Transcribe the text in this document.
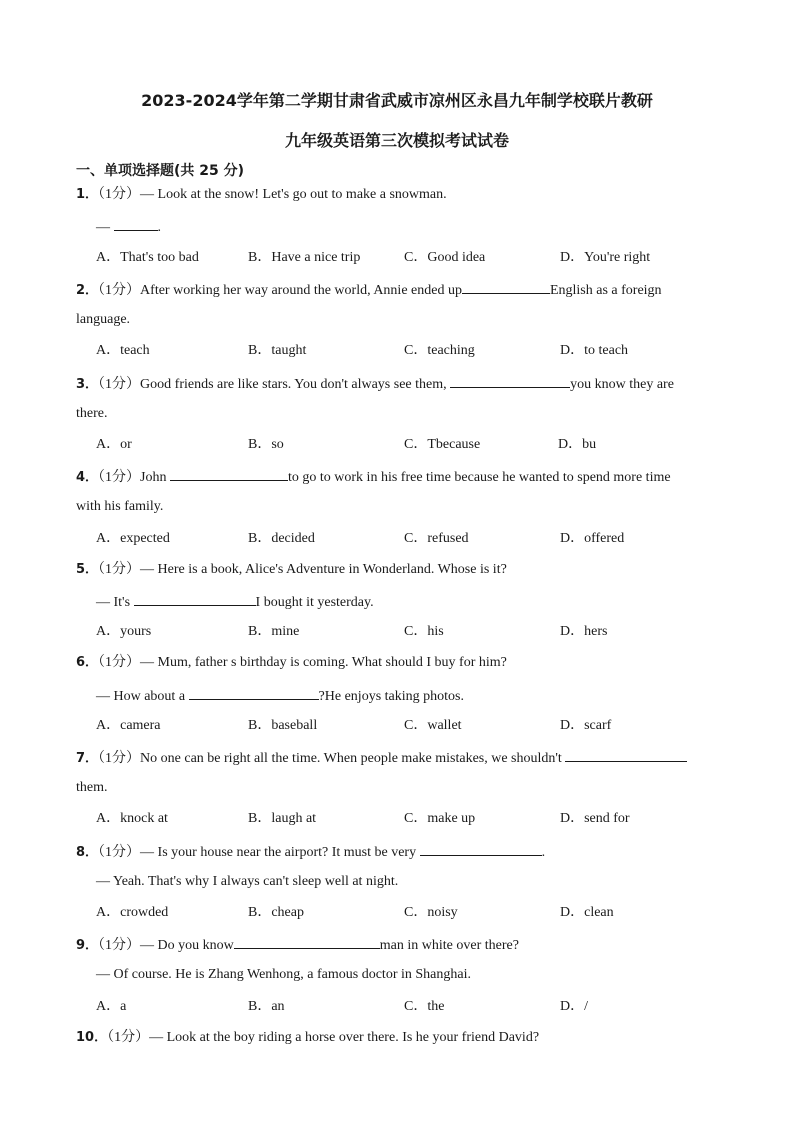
2023-2024学年第二学期甘肃省武威市凉州区永昌九年制学校联片教研
九年级英语第三次模拟考试试卷
一、单项选择题(共 25 分)
1．（1分）— Look at the snow! Let's go out to make a snowman.
—	.
A．That's too bad	B．Have a nice trip	C．Good idea	D．You're right
2．（1分）After working her way around the world, Annie ended up	English as a foreign
language.
A．teach	B．taught	C．teaching	D．to teach
3．（1分）Good friends are like stars. You don't always see them,	you know they are
there.
A．or	B．so	C．Tbecause	D．bu
4．（1分）John	to go to work in his free time because he wanted to spend more time
with his family.
A．expected	B．decided	C．refused	D．offered
5．（1分）— Here is a book, Alice's Adventure in Wonderland. Whose is it?
— It's	I bought it yesterday.
A．yours	B．mine	C．his	D．hers
6．（1分）— Mum, father s birthday is coming. What should I buy for him?
— How about a	?He enjoys taking photos.
A．camera	B．baseball	C．wallet	D．scarf
7．（1分）No one can be right all the time. When people make mistakes, we shouldn't
them.
A．knock at	B．laugh at	C．make up	D．send for
8．（1分）— Is your house near the airport? It must be very	.
— Yeah. That's why I always can't sleep well at night.
A．crowded	B．cheap	C．noisy	D．clean
9．（1分）— Do you know	man in white over there?
— Of course. He is Zhang Wenhong, a famous doctor in Shanghai.
A．a	B．an	C．the	D．/
10．（1分）— Look at the boy riding a horse over there. Is he your friend David?
